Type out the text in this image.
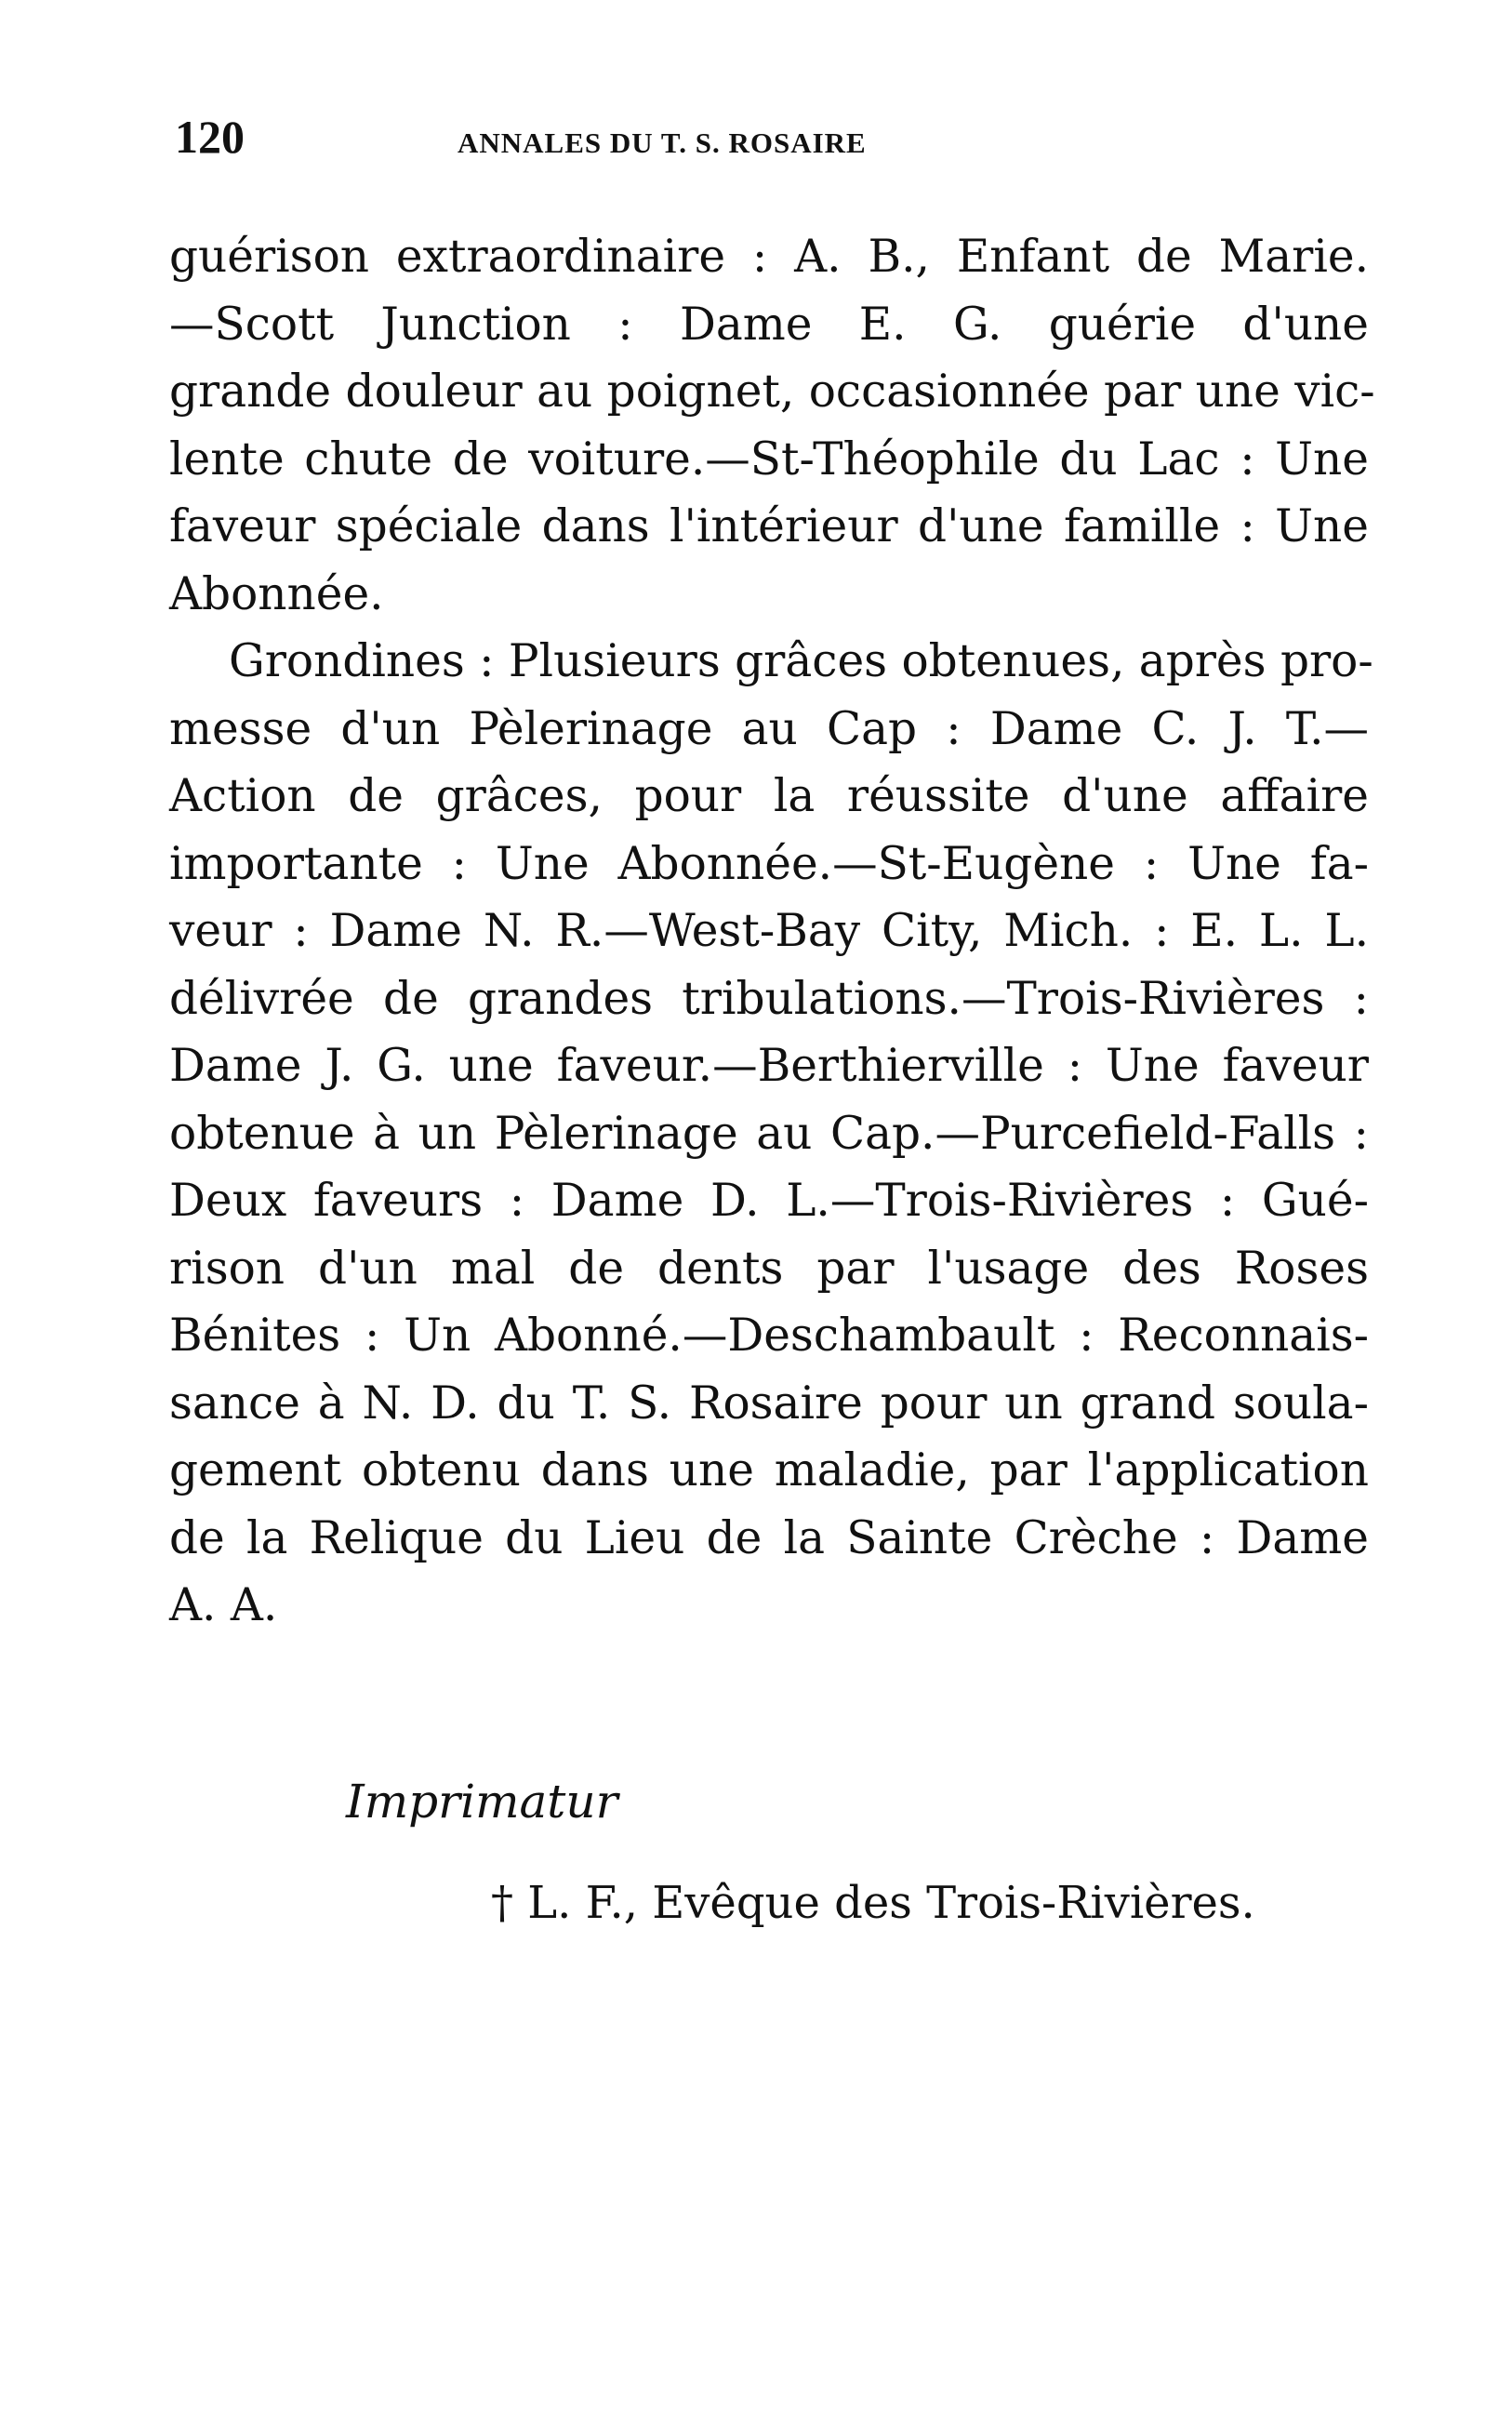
120	ANNALES DU T. S. ROSAIRE
guérison extraordinaire : A. B., Enfant de Marie.
—Scott Junction : Dame E. G. guérie d'une
grande douleur au poignet, occasionnée par une vic-
lente chute de voiture.—St-Théophile du Lac : Une
faveur spéciale dans l'intérieur d'une famille : Une
Abonnée.
Grondines : Plusieurs grâces obtenues, après pro-
messe d'un Pèlerinage au Cap : Dame C. J. T.—
Action de grâces, pour la réussite d'une affaire
importante : Une Abonnée.—St-Eugène : Une fa-
veur : Dame N. R.—West-Bay City, Mich. : E. L. L.
délivrée de grandes tribulations.—Trois-Rivières :
Dame J. G. une faveur.—Berthierville : Une faveur
obtenue à un Pèlerinage au Cap.—Purcefield-Falls :
Deux faveurs : Dame D. L.—Trois-Rivières : Gué-
rison d'un mal de dents par l'usage des Roses
Bénites : Un Abonné.—Deschambault : Reconnais-
sance à N. D. du T. S. Rosaire pour un grand soula-
gement obtenu dans une maladie, par l'application
de la Relique du Lieu de la Sainte Crèche : Dame
A. A.
Imprimatur
† L. F., Evêque des Trois-Rivières.
